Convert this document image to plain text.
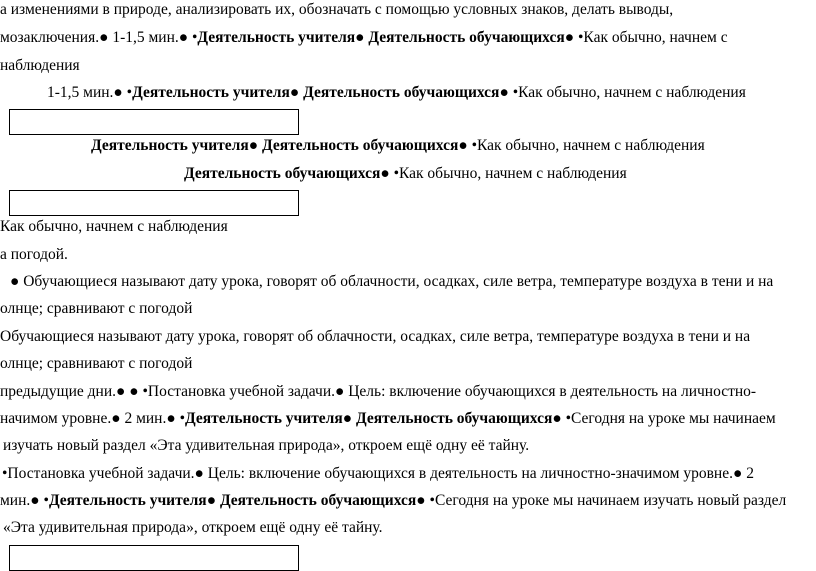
а изменениями в природе, анализировать их, обозначать с помощью условных знаков, делать выводы,
мозаключения.● 1-1,5 мин.● •Деятельность учителя● Деятельность обучающихся● •Как обычно, начнем с
наблюдения
1-1,5 мин.● •Деятельность учителя● Деятельность обучающихся● •Как обычно, начнем с наблюдения
Деятельность учителя● Деятельность обучающихся● •Как обычно, начнем с наблюдения
Деятельность обучающихся● •Как обычно, начнем с наблюдения
Как обычно, начнем с наблюдения
а погодой.
● Обучающиеся называют дату урока, говорят об облачности, осадках, силе ветра, температуре воздуха в тени и на
олнце; сравнивают с погодой
Обучающиеся называют дату урока, говорят об облачности, осадках, силе ветра, температуре воздуха в тени и на
олнце; сравнивают с погодой
предыдущие дни.● ● •Постановка учебной задачи.● Цель: включение обучающихся в деятельность на личностно-
начимом уровне.● 2 мин.● •Деятельность учителя● Деятельность обучающихся● •Сегодня на уроке мы начинаем
изучать новый раздел «Эта удивительная природа», откроем ещё одну её тайну.
•Постановка учебной задачи.● Цель: включение обучающихся в деятельность на личностно-значимом уровне.● 2
мин.● •Деятельность учителя● Деятельность обучающихся● •Сегодня на уроке мы начинаем изучать новый раздел
«Эта удивительная природа», откроем ещё одну её тайну.
